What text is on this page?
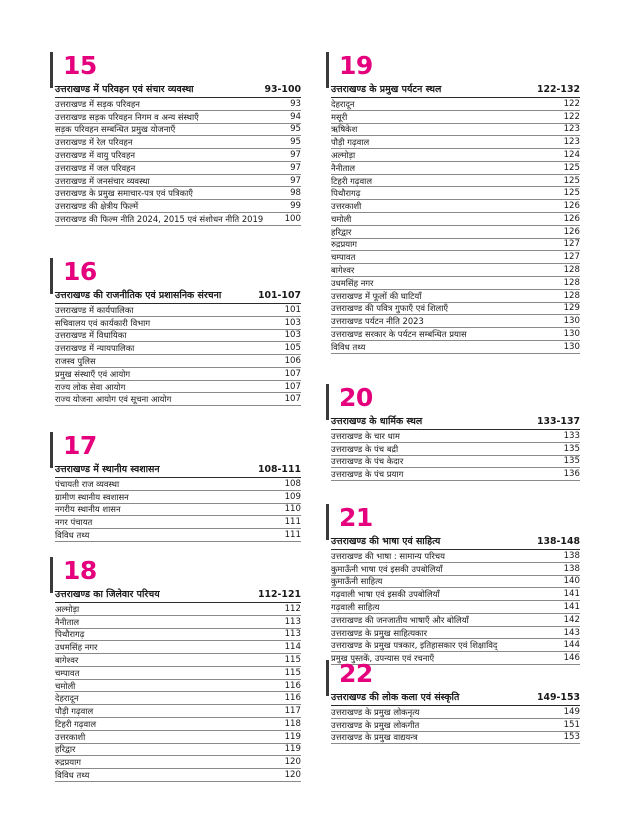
15
उत्तराखण्ड में परिवहन एवं संचार व्यवस्था	93-100
उत्तराखण्ड में सड़क परिवहन	93
उत्तराखण्ड सड़क परिवहन निगम व अन्य संस्थाएँ	94
सड़क परिवहन सम्बन्धित प्रमुख योजनाएँ	95
उत्तराखण्ड में रेल परिवहन	95
उत्तराखण्ड में वायु परिवहन	97
उत्तराखण्ड में जल परिवहन	97
उत्तराखण्ड में जनसंचार व्यवस्था	97
उत्तराखण्ड के प्रमुख समाचार-पत्र एवं पत्रिकाएँ	98
उत्तराखण्ड की क्षेत्रीय फिल्में	99
उत्तराखण्ड की फिल्म नीति 2024, 2015 एवं संशोधन नीति 2019	100
16
उत्तराखण्ड की राजनीतिक एवं प्रशासनिक संरचना	101-107
उत्तराखण्ड में कार्यपालिका	101
सचिवालय एवं कार्यकारी विभाग	103
उत्तराखण्ड में विधायिका	103
उत्तराखण्ड में न्यायपालिका	105
राजस्व पुलिस	106
प्रमुख संस्थाएँ एवं आयोग	107
राज्य लोक सेवा आयोग	107
राज्य योजना आयोग एवं सूचना आयोग	107
17
उत्तराखण्ड में स्थानीय स्वशासन	108-111
पंचायती राज व्यवस्था	108
ग्रामीण स्थानीय स्वशासन	109
नगरीय स्थानीय शासन	110
नगर पंचायत	111
विविध तथ्य	111
18
उत्तराखण्ड का जिलेवार परिचय	112-121
अल्मोड़ा	112
नैनीताल	113
पिथौरागढ़	113
उधमसिंह नगर	114
बागेश्वर	115
चम्पावत	115
चमोली	116
देहरादून	116
पौड़ी गढ़वाल	117
टिहरी गढ़वाल	118
उत्तरकाशी	119
हरिद्वार	119
रुद्रप्रयाग	120
विविध तथ्य	120
19
उत्तराखण्ड के प्रमुख पर्यटन स्थल	122-132
देहरादून	122
मसूरी	122
ऋषिकेश	123
पौड़ी गढ़वाल	123
अल्मोड़ा	124
नैनीताल	125
टिहरी गढ़वाल	125
पिथौरागढ़	125
उत्तरकाशी	126
चमोली	126
हरिद्वार	126
रुद्रप्रयाग	127
चम्पावत	127
बागेश्वर	128
उधमसिंह नगर	128
उत्तराखण्ड में फूलों की घाटियाँ	128
उत्तराखण्ड की पवित्र गुफाएँ एवं शिलाएँ	129
उत्तराखण्ड पर्यटन नीति 2023	130
उत्तराखण्ड सरकार के पर्यटन सम्बन्धित प्रयास	130
विविध तथ्य	130
20
उत्तराखण्ड के धार्मिक स्थल	133-137
उत्तराखण्ड के चार धाम	133
उत्तराखण्ड के पंच बद्री	135
उत्तराखण्ड के पंच केदार	135
उत्तराखण्ड के पंच प्रयाग	136
21
उत्तराखण्ड की भाषा एवं साहित्य	138-148
उत्तराखण्ड की भाषा : सामान्य परिचय	138
कुमाऊँनी भाषा एवं इसकी उपबोलियाँ	138
कुमाऊँनी साहित्य	140
गढ़वाली भाषा एवं इसकी उपबोलियाँ	141
गढ़वाली साहित्य	141
उत्तराखण्ड की जनजातीय भाषाएँ और बोलियाँ	142
उत्तराखण्ड के प्रमुख साहित्यकार	143
उत्तराखण्ड के प्रमुख पत्रकार, इतिहासकार एवं शिक्षाविद्	144
प्रमुख पुस्तकें, उपन्यास एवं रचनाएँ	146
22
उत्तराखण्ड की लोक कला एवं संस्कृति	149-153
उत्तराखण्ड के प्रमुख लोकनृत्य	149
उत्तराखण्ड के प्रमुख लोकगीत	151
उत्तराखण्ड के प्रमुख वाद्ययन्त्र	153
